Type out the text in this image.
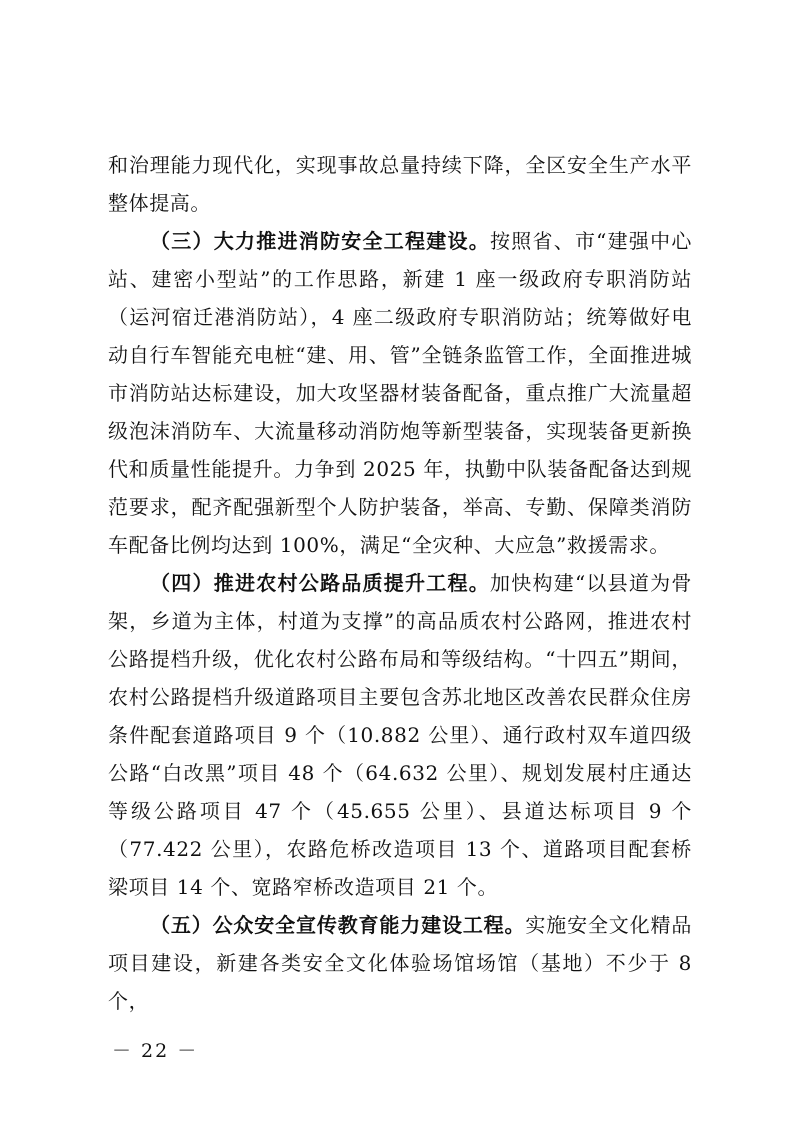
和治理能力现代化，实现事故总量持续下降，全区安全生产水平整体提高。

（三）大力推进消防安全工程建设。按照省、市“建强中心站、建密小型站”的工作思路，新建 1 座一级政府专职消防站（运河宿迁港消防站），4 座二级政府专职消防站；统筹做好电动自行车智能充电桩“建、用、管”全链条监管工作，全面推进城市消防站达标建设，加大攻坚器材装备配备，重点推广大流量超级泡沫消防车、大流量移动消防炮等新型装备，实现装备更新换代和质量性能提升。力争到 2025 年，执勤中队装备配备达到规范要求，配齐配强新型个人防护装备，举高、专勤、保障类消防车配备比例均达到 100%，满足“全灾种、大应急”救援需求。

（四）推进农村公路品质提升工程。加快构建“以县道为骨架，乡道为主体，村道为支撑”的高品质农村公路网，推进农村公路提档升级，优化农村公路布局和等级结构。“十四五”期间，农村公路提档升级道路项目主要包含苏北地区改善农民群众住房条件配套道路项目 9 个（10.882 公里）、通行政村双车道四级公路“白改黑”项目 48 个（64.632 公里）、规划发展村庄通达等级公路项目 47 个（45.655 公里）、县道达标项目 9 个（77.422 公里），农路危桥改造项目 13 个、道路项目配套桥梁项目 14 个、宽路窄桥改造项目 21 个。

（五）公众安全宣传教育能力建设工程。实施安全文化精品项目建设，新建各类安全文化体验场馆场馆（基地）不少于 8 个，

－ 22 －
